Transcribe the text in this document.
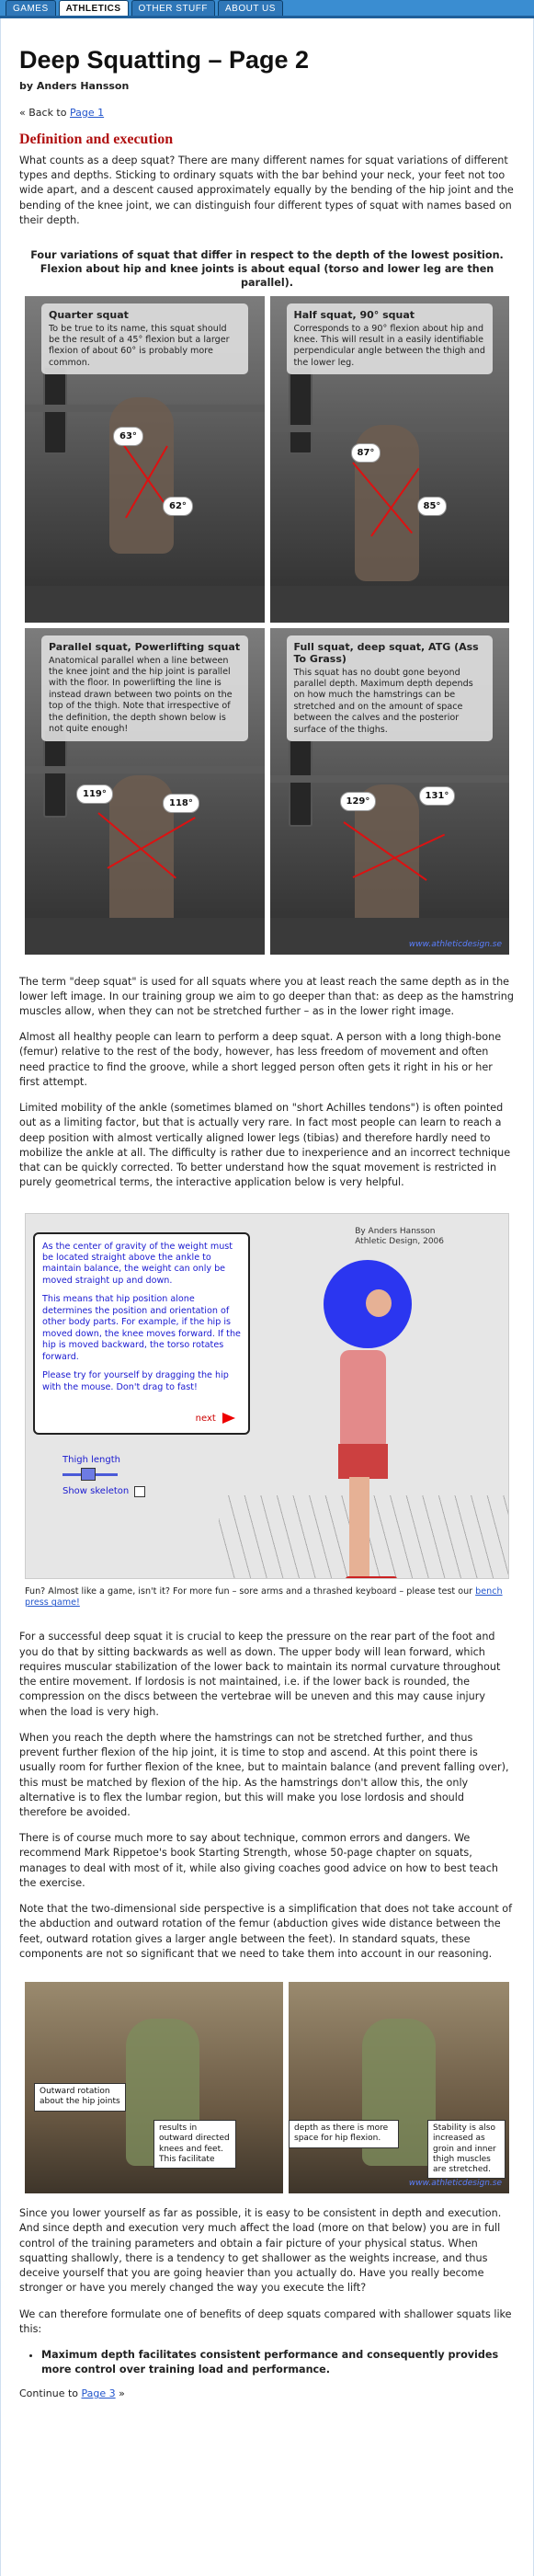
GAMES	ATHLETICS	OTHER STUFF	ABOUT US
Deep Squatting – Page 2
by Anders Hansson
« Back to Page 1
Definition and execution

What counts as a deep squat? There are many different names for squat variations of different types and depths. Sticking to ordinary squats with the bar behind your neck, your feet not too wide apart, and a descent caused approximately equally by the bending of the hip joint and the bending of the knee joint, we can distinguish four different types of squat with names based on their depth.

Four variations of squat that differ in respect to the depth of the lowest position. Flexion about hip and knee joints is about equal (torso and lower leg are then parallel).
Quarter squat
To be true to its name, this squat should be the result of a 45° flexion but a larger flexion of about 60° is probably more common.
63°
62°
Half squat, 90° squat
Corresponds to a 90° flexion about hip and knee. This will result in a easily identifiable perpendicular angle between the thigh and the lower leg.
87°
85°
Parallel squat, Powerlifting squat
Anatomical parallel when a line between the knee joint and the hip joint is parallel with the floor. In powerlifting the line is instead drawn between two points on the top of the thigh. Note that irrespective of the definition, the depth shown below is not quite enough!
119°
118°
Full squat, deep squat, ATG (Ass To Grass)
This squat has no doubt gone beyond parallel depth. Maximum depth depends on how much the hamstrings can be stretched and on the amount of space between the calves and the posterior surface of the thighs.
129°
131°
www.athleticdesign.se

The term "deep squat" is used for all squats where you at least reach the same depth as in the lower left image. In our training group we aim to go deeper than that: as deep as the hamstring muscles allow, when they can not be stretched further – as in the lower right image.

Almost all healthy people can learn to perform a deep squat. A person with a long thigh-bone (femur) relative to the rest of the body, however, has less freedom of movement and often need practice to find the groove, while a short legged person often gets it right in his or her first attempt.

Limited mobility of the ankle (sometimes blamed on "short Achilles tendons") is often pointed out as a limiting factor, but that is actually very rare. In fact most people can learn to reach a deep position with almost vertically aligned lower legs (tibias) and therefore hardly need to mobilize the ankle at all. The difficulty is rather due to inexperience and an incorrect technique that can be quickly corrected. To better understand how the squat movement is restricted in purely geometrical terms, the interactive application below is very helpful.

By Anders Hansson
Athletic Design, 2006

As the center of gravity of the weight must be located straight above the ankle to maintain balance, the weight can only be moved straight up and down.

This means that hip position alone determines the position and orientation of other body parts. For example, if the hip is moved down, the knee moves forward. If the hip is moved backward, the torso rotates forward.

Please try for yourself by dragging the hip with the mouse. Don't drag to fast!

next
Thigh length
Show skeleton
Fun? Almost like a game, isn't it? For more fun – sore arms and a thrashed keyboard – please test our bench press game!

For a successful deep squat it is crucial to keep the pressure on the rear part of the foot and you do that by sitting backwards as well as down. The upper body will lean forward, which requires muscular stabilization of the lower back to maintain its normal curvature throughout the entire movement. If lordosis is not maintained, i.e. if the lower back is rounded, the compression on the discs between the vertebrae will be uneven and this may cause injury when the load is very high.

When you reach the depth where the hamstrings can not be stretched further, and thus prevent further flexion of the hip joint, it is time to stop and ascend. At this point there is usually room for further flexion of the knee, but to maintain balance (and prevent falling over), this must be matched by flexion of the hip. As the hamstrings don't allow this, the only alternative is to flex the lumbar region, but this will make you lose lordosis and should therefore be avoided.

There is of course much more to say about technique, common errors and dangers. We recommend Mark Rippetoe's book Starting Strength, whose 50-page chapter on squats, manages to deal with most of it, while also giving coaches good advice on how to best teach the exercise.

Note that the two-dimensional side perspective is a simplification that does not take account of the abduction and outward rotation of the femur (abduction gives wide distance between the feet, outward rotation gives a larger angle between the feet). In standard squats, these components are not so significant that we need to take them into account in our reasoning.

Outward rotation about the hip joints
results in outward directed knees and feet. This facilitate
depth as there is more space for hip flexion.
Stability is also increased as groin and inner thigh muscles are stretched.
www.athleticdesign.se

Since you lower yourself as far as possible, it is easy to be consistent in depth and execution. And since depth and execution very much affect the load (more on that below) you are in full control of the training parameters and obtain a fair picture of your physical status. When squatting shallowly, there is a tendency to get shallower as the weights increase, and thus deceive yourself that you are going heavier than you actually do. Have you really become stronger or have you merely changed the way you execute the lift?

We can therefore formulate one of benefits of deep squats compared with shallower squats like this:

• Maximum depth facilitates consistent performance and consequently provides more control over training load and performance.
Continue to Page 3 »
